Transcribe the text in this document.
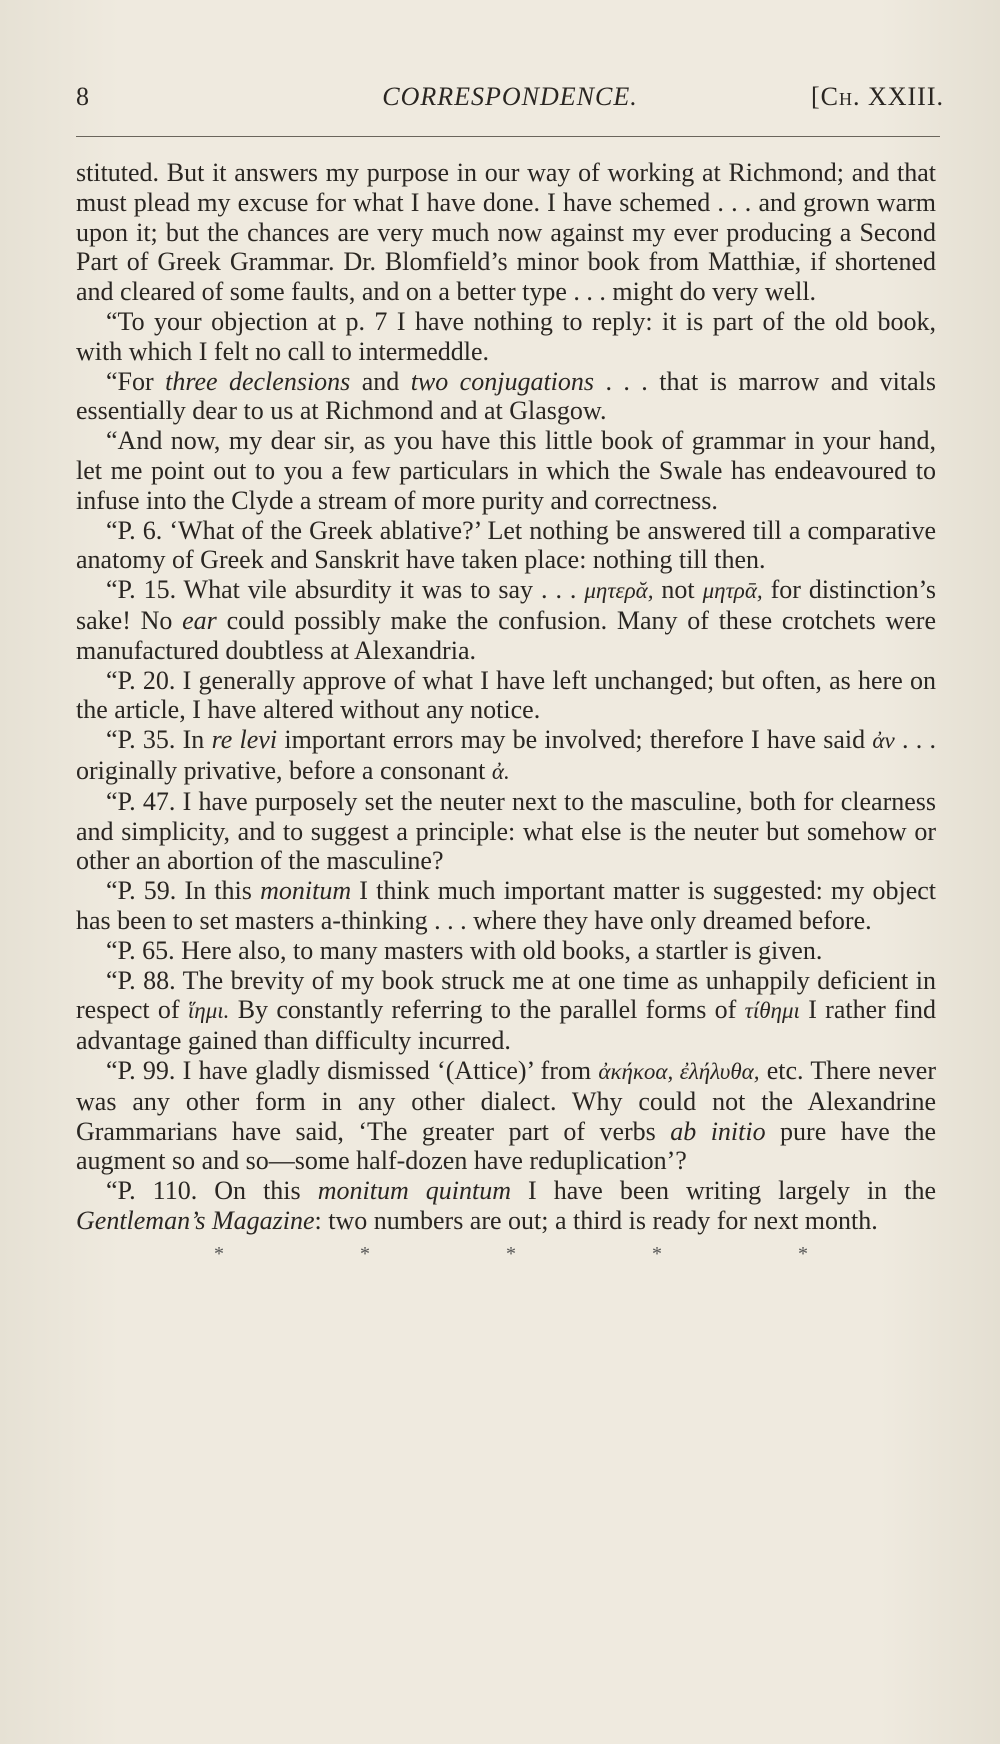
8	CORRESPONDENCE.	[Ch. XXIII.

stituted. But it answers my purpose in our way of working at Richmond; and that must plead my excuse for what I have done. I have schemed . . . and grown warm upon it; but the chances are very much now against my ever producing a Second Part of Greek Grammar. Dr. Blomfield’s minor book from Matthiæ, if shortened and cleared of some faults, and on a better type . . . might do very well.

“To your objection at p. 7 I have nothing to reply: it is part of the old book, with which I felt no call to intermeddle.

“For three declensions and two conjugations . . . that is marrow and vitals essentially dear to us at Richmond and at Glasgow.

“And now, my dear sir, as you have this little book of grammar in your hand, let me point out to you a few particulars in which the Swale has endeavoured to infuse into the Clyde a stream of more purity and correctness.

“P. 6. ‘What of the Greek ablative?’ Let nothing be answered till a comparative anatomy of Greek and Sanskrit have taken place: nothing till then.

“P. 15. What vile absurdity it was to say . . . μητερᾰ, not μητρᾱ, for distinction’s sake! No ear could possibly make the confusion. Many of these crotchets were manufactured doubtless at Alexandria.

“P. 20. I generally approve of what I have left unchanged; but often, as here on the article, I have altered without any notice.

“P. 35. In re levi important errors may be involved; therefore I have said ἀν . . . originally privative, before a consonant ἀ.

“P. 47. I have purposely set the neuter next to the masculine, both for clearness and simplicity, and to suggest a principle: what else is the neuter but somehow or other an abortion of the masculine?

“P. 59. In this monitum I think much important matter is suggested: my object has been to set masters a-thinking . . . where they have only dreamed before.

“P. 65. Here also, to many masters with old books, a startler is given.

“P. 88. The brevity of my book struck me at one time as unhappily deficient in respect of ἵημι. By constantly referring to the parallel forms of τίθημι I rather find advantage gained than difficulty incurred.

“P. 99. I have gladly dismissed ‘(Attice)’ from ἀκήκοα, ἐλήλυθα, etc. There never was any other form in any other dialect. Why could not the Alexandrine Grammarians have said, ‘The greater part of verbs ab initio pure have the augment so and so—some half-dozen have reduplication’?

“P. 110. On this monitum quintum I have been writing largely in the Gentleman’s Magazine: two numbers are out; a third is ready for next month.

*	*	*	*	*
